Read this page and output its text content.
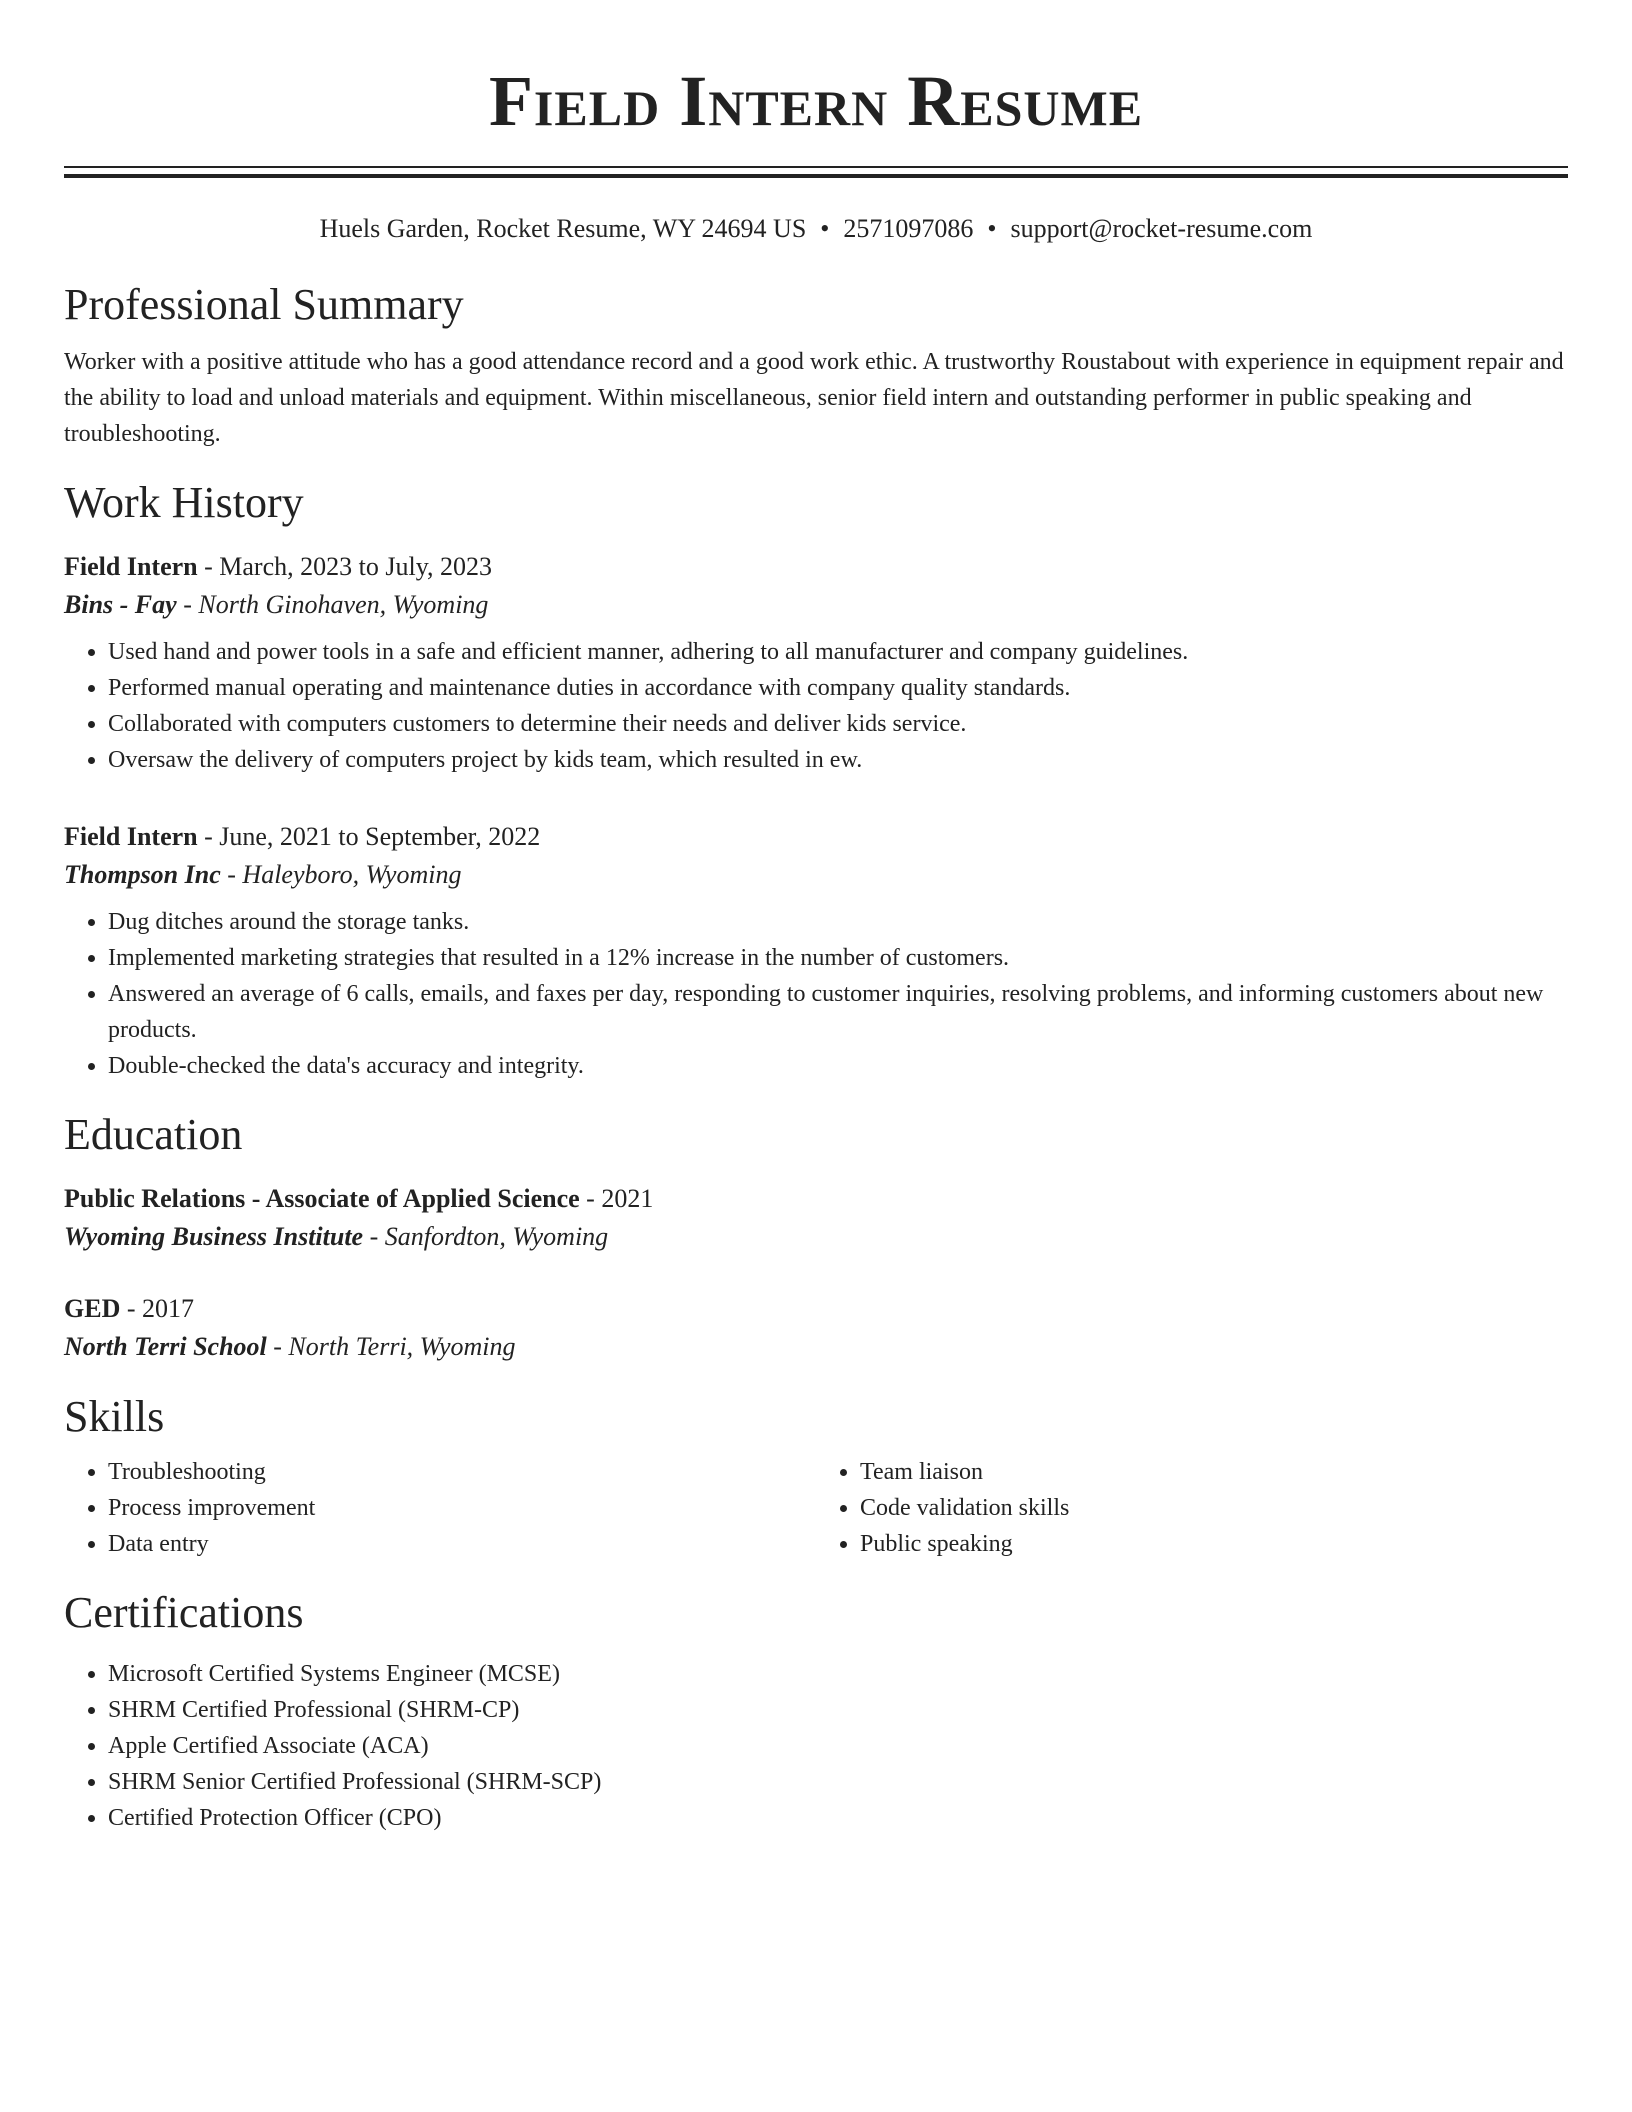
Field Intern Resume
Huels Garden, Rocket Resume, WY 24694 US • 2571097086 • support@rocket-resume.com
Professional Summary

Worker with a positive attitude who has a good attendance record and a good work ethic. A trustworthy Roustabout with experience in equipment repair and the ability to load and unload materials and equipment. Within miscellaneous, senior field intern and outstanding performer in public speaking and troubleshooting.

Work History
Field Intern - March, 2023 to July, 2023
Bins - Fay - North Ginohaven, Wyoming
• Used hand and power tools in a safe and efficient manner, adhering to all manufacturer and company guidelines.
• Performed manual operating and maintenance duties in accordance with company quality standards.
• Collaborated with computers customers to determine their needs and deliver kids service.
• Oversaw the delivery of computers project by kids team, which resulted in ew.
Field Intern - June, 2021 to September, 2022
Thompson Inc - Haleyboro, Wyoming
• Dug ditches around the storage tanks.
• Implemented marketing strategies that resulted in a 12% increase in the number of customers.
• Answered an average of 6 calls, emails, and faxes per day, responding to customer inquiries, resolving problems, and informing customers about new products.
• Double-checked the data's accuracy and integrity.
Education
Public Relations - Associate of Applied Science - 2021
Wyoming Business Institute - Sanfordton, Wyoming
GED - 2017
North Terri School - North Terri, Wyoming
Skills
• Troubleshooting
• Process improvement
• Data entry
• Team liaison
• Code validation skills
• Public speaking
Certifications
• Microsoft Certified Systems Engineer (MCSE)
• SHRM Certified Professional (SHRM-CP)
• Apple Certified Associate (ACA)
• SHRM Senior Certified Professional (SHRM-SCP)
• Certified Protection Officer (CPO)
